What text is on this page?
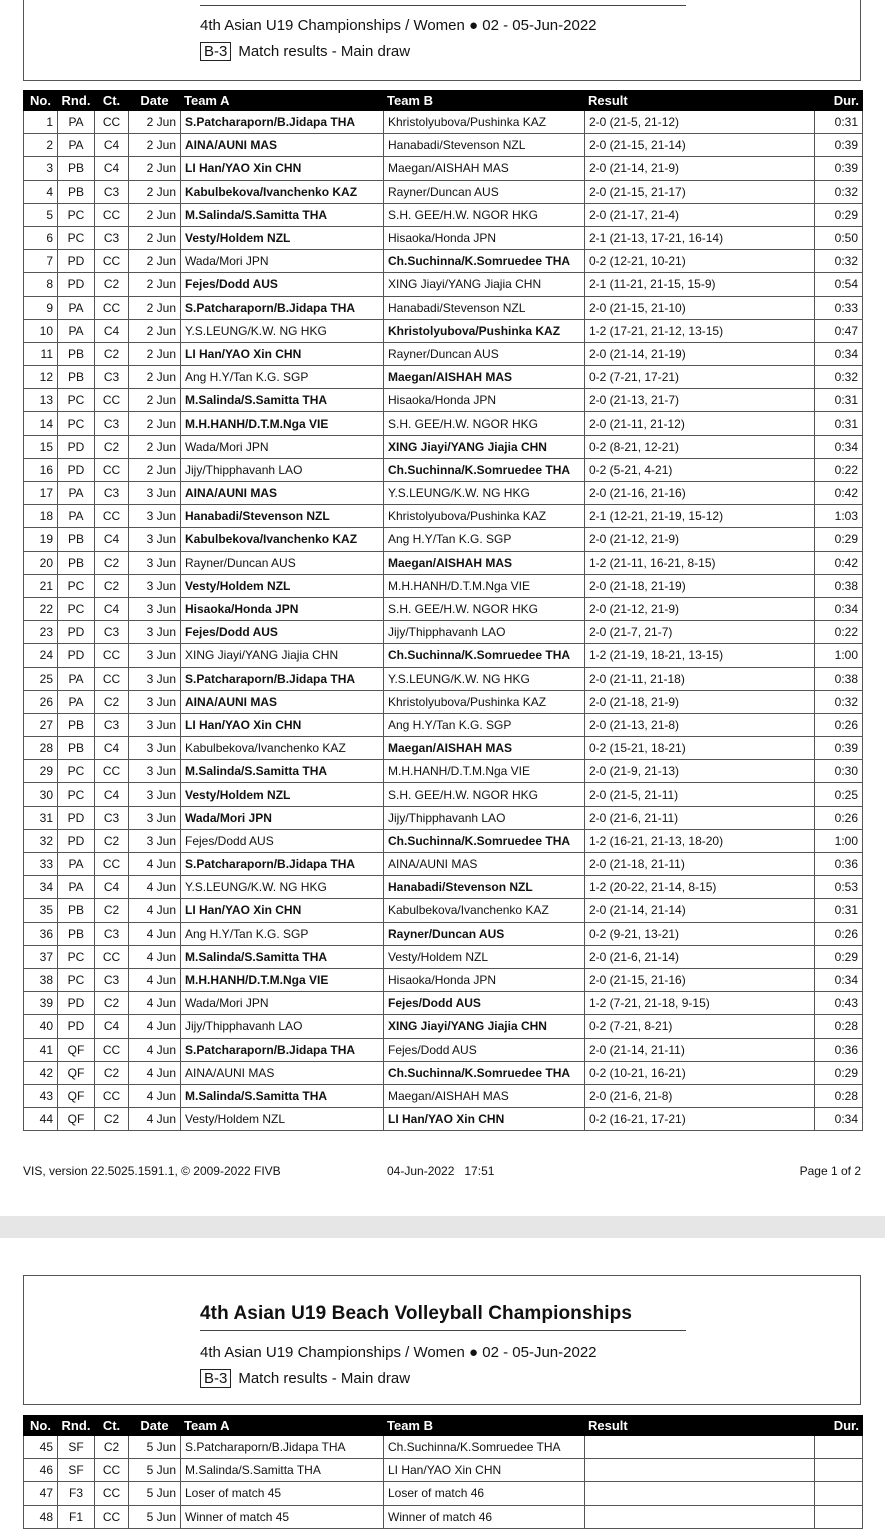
4th Asian U19 Championships / Women ● 02 - 05-Jun-2022
B-3 Match results - Main draw
No.	Rnd.	Ct.	Date	Team A	Team B	Result	Dur.
1	PA	CC	2 Jun	S.Patcharaporn/B.Jidapa THA	Khristolyubova/Pushinka KAZ	2-0 (21-5, 21-12)	0:31
2	PA	C4	2 Jun	AINA/AUNI MAS	Hanabadi/Stevenson NZL	2-0 (21-15, 21-14)	0:39
3	PB	C4	2 Jun	LI Han/YAO Xin CHN	Maegan/AISHAH MAS	2-0 (21-14, 21-9)	0:39
4	PB	C3	2 Jun	Kabulbekova/Ivanchenko KAZ	Rayner/Duncan AUS	2-0 (21-15, 21-17)	0:32
5	PC	CC	2 Jun	M.Salinda/S.Samitta THA	S.H. GEE/H.W. NGOR HKG	2-0 (21-17, 21-4)	0:29
6	PC	C3	2 Jun	Vesty/Holdem NZL	Hisaoka/Honda JPN	2-1 (21-13, 17-21, 16-14)	0:50
7	PD	CC	2 Jun	Wada/Mori JPN	Ch.Suchinna/K.Somruedee THA	0-2 (12-21, 10-21)	0:32
8	PD	C2	2 Jun	Fejes/Dodd AUS	XING Jiayi/YANG Jiajia CHN	2-1 (11-21, 21-15, 15-9)	0:54
9	PA	CC	2 Jun	S.Patcharaporn/B.Jidapa THA	Hanabadi/Stevenson NZL	2-0 (21-15, 21-10)	0:33
10	PA	C4	2 Jun	Y.S.LEUNG/K.W. NG HKG	Khristolyubova/Pushinka KAZ	1-2 (17-21, 21-12, 13-15)	0:47
11	PB	C2	2 Jun	LI Han/YAO Xin CHN	Rayner/Duncan AUS	2-0 (21-14, 21-19)	0:34
12	PB	C3	2 Jun	Ang H.Y/Tan K.G. SGP	Maegan/AISHAH MAS	0-2 (7-21, 17-21)	0:32
13	PC	CC	2 Jun	M.Salinda/S.Samitta THA	Hisaoka/Honda JPN	2-0 (21-13, 21-7)	0:31
14	PC	C3	2 Jun	M.H.HANH/D.T.M.Nga VIE	S.H. GEE/H.W. NGOR HKG	2-0 (21-11, 21-12)	0:31
15	PD	C2	2 Jun	Wada/Mori JPN	XING Jiayi/YANG Jiajia CHN	0-2 (8-21, 12-21)	0:34
16	PD	CC	2 Jun	Jijy/Thipphavanh LAO	Ch.Suchinna/K.Somruedee THA	0-2 (5-21, 4-21)	0:22
17	PA	C3	3 Jun	AINA/AUNI MAS	Y.S.LEUNG/K.W. NG HKG	2-0 (21-16, 21-16)	0:42
18	PA	CC	3 Jun	Hanabadi/Stevenson NZL	Khristolyubova/Pushinka KAZ	2-1 (12-21, 21-19, 15-12)	1:03
19	PB	C4	3 Jun	Kabulbekova/Ivanchenko KAZ	Ang H.Y/Tan K.G. SGP	2-0 (21-12, 21-9)	0:29
20	PB	C2	3 Jun	Rayner/Duncan AUS	Maegan/AISHAH MAS	1-2 (21-11, 16-21, 8-15)	0:42
21	PC	C2	3 Jun	Vesty/Holdem NZL	M.H.HANH/D.T.M.Nga VIE	2-0 (21-18, 21-19)	0:38
22	PC	C4	3 Jun	Hisaoka/Honda JPN	S.H. GEE/H.W. NGOR HKG	2-0 (21-12, 21-9)	0:34
23	PD	C3	3 Jun	Fejes/Dodd AUS	Jijy/Thipphavanh LAO	2-0 (21-7, 21-7)	0:22
24	PD	CC	3 Jun	XING Jiayi/YANG Jiajia CHN	Ch.Suchinna/K.Somruedee THA	1-2 (21-19, 18-21, 13-15)	1:00
25	PA	CC	3 Jun	S.Patcharaporn/B.Jidapa THA	Y.S.LEUNG/K.W. NG HKG	2-0 (21-11, 21-18)	0:38
26	PA	C2	3 Jun	AINA/AUNI MAS	Khristolyubova/Pushinka KAZ	2-0 (21-18, 21-9)	0:32
27	PB	C3	3 Jun	LI Han/YAO Xin CHN	Ang H.Y/Tan K.G. SGP	2-0 (21-13, 21-8)	0:26
28	PB	C4	3 Jun	Kabulbekova/Ivanchenko KAZ	Maegan/AISHAH MAS	0-2 (15-21, 18-21)	0:39
29	PC	CC	3 Jun	M.Salinda/S.Samitta THA	M.H.HANH/D.T.M.Nga VIE	2-0 (21-9, 21-13)	0:30
30	PC	C4	3 Jun	Vesty/Holdem NZL	S.H. GEE/H.W. NGOR HKG	2-0 (21-5, 21-11)	0:25
31	PD	C3	3 Jun	Wada/Mori JPN	Jijy/Thipphavanh LAO	2-0 (21-6, 21-11)	0:26
32	PD	C2	3 Jun	Fejes/Dodd AUS	Ch.Suchinna/K.Somruedee THA	1-2 (16-21, 21-13, 18-20)	1:00
33	PA	CC	4 Jun	S.Patcharaporn/B.Jidapa THA	AINA/AUNI MAS	2-0 (21-18, 21-11)	0:36
34	PA	C4	4 Jun	Y.S.LEUNG/K.W. NG HKG	Hanabadi/Stevenson NZL	1-2 (20-22, 21-14, 8-15)	0:53
35	PB	C2	4 Jun	LI Han/YAO Xin CHN	Kabulbekova/Ivanchenko KAZ	2-0 (21-14, 21-14)	0:31
36	PB	C3	4 Jun	Ang H.Y/Tan K.G. SGP	Rayner/Duncan AUS	0-2 (9-21, 13-21)	0:26
37	PC	CC	4 Jun	M.Salinda/S.Samitta THA	Vesty/Holdem NZL	2-0 (21-6, 21-14)	0:29
38	PC	C3	4 Jun	M.H.HANH/D.T.M.Nga VIE	Hisaoka/Honda JPN	2-0 (21-15, 21-16)	0:34
39	PD	C2	4 Jun	Wada/Mori JPN	Fejes/Dodd AUS	1-2 (7-21, 21-18, 9-15)	0:43
40	PD	C4	4 Jun	Jijy/Thipphavanh LAO	XING Jiayi/YANG Jiajia CHN	0-2 (7-21, 8-21)	0:28
41	QF	CC	4 Jun	S.Patcharaporn/B.Jidapa THA	Fejes/Dodd AUS	2-0 (21-14, 21-11)	0:36
42	QF	C2	4 Jun	AINA/AUNI MAS	Ch.Suchinna/K.Somruedee THA	0-2 (10-21, 16-21)	0:29
43	QF	CC	4 Jun	M.Salinda/S.Samitta THA	Maegan/AISHAH MAS	2-0 (21-6, 21-8)	0:28
44	QF	C2	4 Jun	Vesty/Holdem NZL	LI Han/YAO Xin CHN	0-2 (16-21, 17-21)	0:34
VIS, version 22.5025.1591.1, © 2009-2022 FIVB	04-Jun-2022   17:51	Page 1 of 2
4th Asian U19 Beach Volleyball Championships
4th Asian U19 Championships / Women ● 02 - 05-Jun-2022
B-3 Match results - Main draw
No.	Rnd.	Ct.	Date	Team A	Team B	Result	Dur.
45	SF	C2	5 Jun	S.Patcharaporn/B.Jidapa THA	Ch.Suchinna/K.Somruedee THA		
46	SF	CC	5 Jun	M.Salinda/S.Samitta THA	LI Han/YAO Xin CHN		
47	F3	CC	5 Jun	Loser of match 45	Loser of match 46		
48	F1	CC	5 Jun	Winner of match 45	Winner of match 46		
